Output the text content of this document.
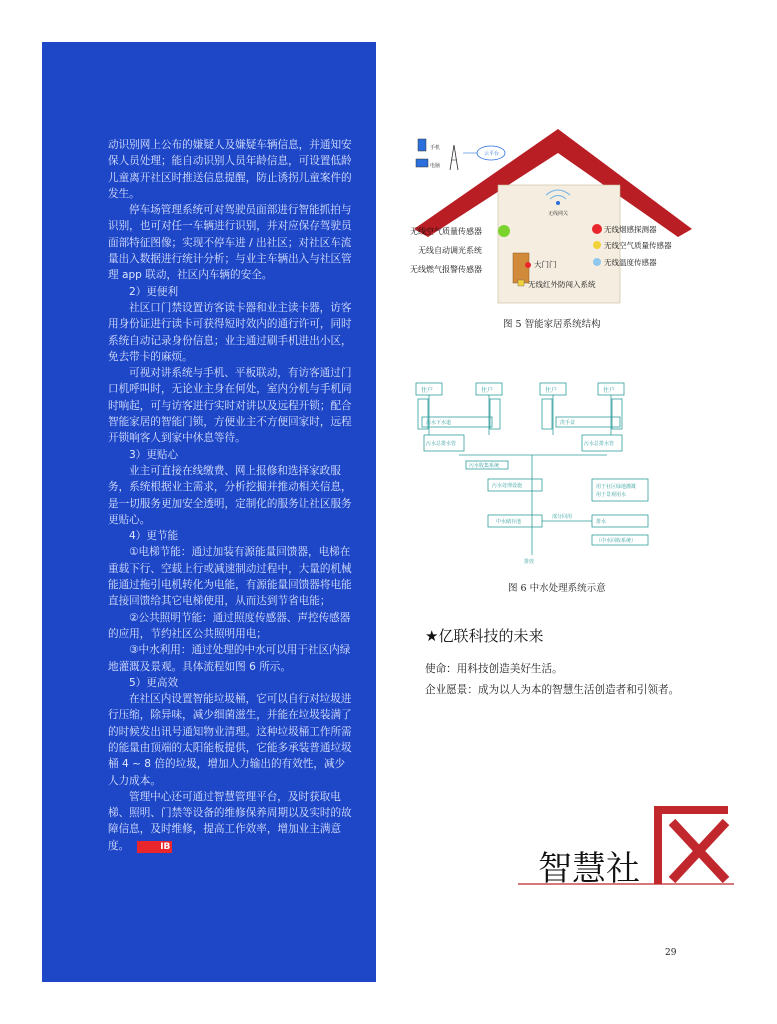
动识别网上公布的嫌疑人及嫌疑车辆信息，并通知安保人员处理；能自动识别人员年龄信息，可设置低龄儿童离开社区时推送信息提醒，防止诱拐儿童案件的发生。

停车场管理系统可对驾驶员面部进行智能抓拍与识别，也可对任一车辆进行识别，并对应保存驾驶员面部特征图像；实现不停车进 / 出社区；对社区车流量出入数据进行统计分析；与业主车辆出入与社区管理 app 联动，社区内车辆的安全。

2）更便利

社区口门禁设置访客读卡器和业主读卡器，访客用身份证进行读卡可获得短时效内的通行许可，同时系统自动记录身份信息；业主通过刷手机进出小区，免去带卡的麻烦。

可视对讲系统与手机、平板联动，有访客通过门口机呼叫时，无论业主身在何处，室内分机与手机同时响起，可与访客进行实时对讲以及远程开锁；配合智能家居的智能门锁，方便业主不方便回家时，远程开锁响客人到家中休息等待。

3）更贴心

业主可直接在线缴费、网上报修和选择家政服务，系统根据业主需求，分析挖掘并推动相关信息，是一切服务更加安全透明，定制化的服务让社区服务更贴心。

4）更节能

①电梯节能：通过加装有源能量回馈器，电梯在重载下行、空载上行或减速制动过程中，大量的机械能通过拖引电机转化为电能，有源能量回馈器将电能直接回馈给其它电梯使用，从而达到节省电能；

②公共照明节能：通过照度传感器、声控传感器的应用，节约社区公共照明用电；

③中水利用：通过处理的中水可以用于社区内绿地灌溉及景观。具体流程如图 6 所示。

5）更高效

在社区内设置智能垃圾桶，它可以自行对垃圾进行压缩，除异味，减少细菌滋生，并能在垃圾装满了的时候发出讯号通知物业清理。这种垃圾桶工作所需的能量由顶端的太阳能板提供，它能多承装普通垃圾桶 4 ~ 8 倍的垃圾，增加人力输出的有效性，减少人力成本。

管理中心还可通过智慧管理平台，及时获取电梯、照明、门禁等设备的维修保养周期以及实时的故障信息，及时维修，提高工作效率，增加业主满意度。	IB

手机
电脑
云平台
无线网关
无线空气质量传感器
无线自动调光系统
无线燃气报警传感器
无线烟感探测器
无线空气质量传感器
无线温度传感器
大门门
无线红外防闯入系统
图 5 智能家居系统结构
住户	住户	住户	住户
污水下水道	洗手盆
污水总排水管	污水总排水管
污水收集系统
污水处理设施	用于社区绿地灌溉
用于景观用水
中水储存池
部分回用
排水
（中水回收系统）
排放
图 6 中水处理系统示意
★亿联科技的未来
使命：用科技创造美好生活。
企业愿景：成为以人为本的智慧生活创造者和引领者。
智慧社
区
29
